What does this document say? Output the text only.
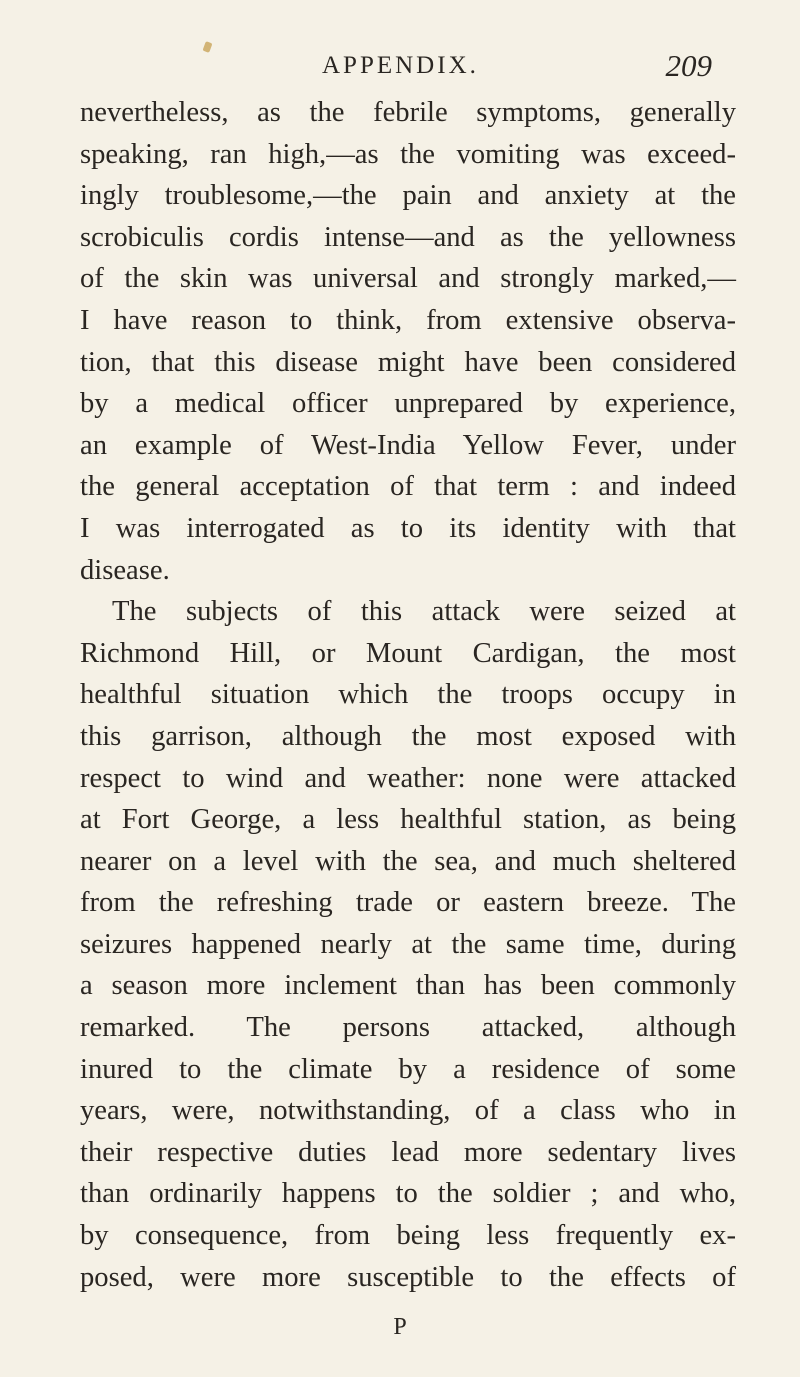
APPENDIX.	209
nevertheless, as the febrile symptoms, generally
speaking, ran high,—as the vomiting was exceed-
ingly troublesome,—the pain and anxiety at the
scrobiculis cordis intense—and as the yellowness
of the skin was universal and strongly marked,—
I have reason to think, from extensive observa-
tion, that this disease might have been considered
by a medical officer unprepared by experience,
an example of West-India Yellow Fever, under
the general acceptation of that term : and indeed
I was interrogated as to its identity with that
disease.
The subjects of this attack were seized at
Richmond Hill, or Mount Cardigan, the most
healthful situation which the troops occupy in
this garrison, although the most exposed with
respect to wind and weather: none were attacked
at Fort George, a less healthful station, as being
nearer on a level with the sea, and much sheltered
from the refreshing trade or eastern breeze. The
seizures happened nearly at the same time, during
a season more inclement than has been commonly
remarked. The persons attacked, although
inured to the climate by a residence of some
years, were, notwithstanding, of a class who in
their respective duties lead more sedentary lives
than ordinarily happens to the soldier ; and who,
by consequence, from being less frequently ex-
posed, were more susceptible to the effects of
P
